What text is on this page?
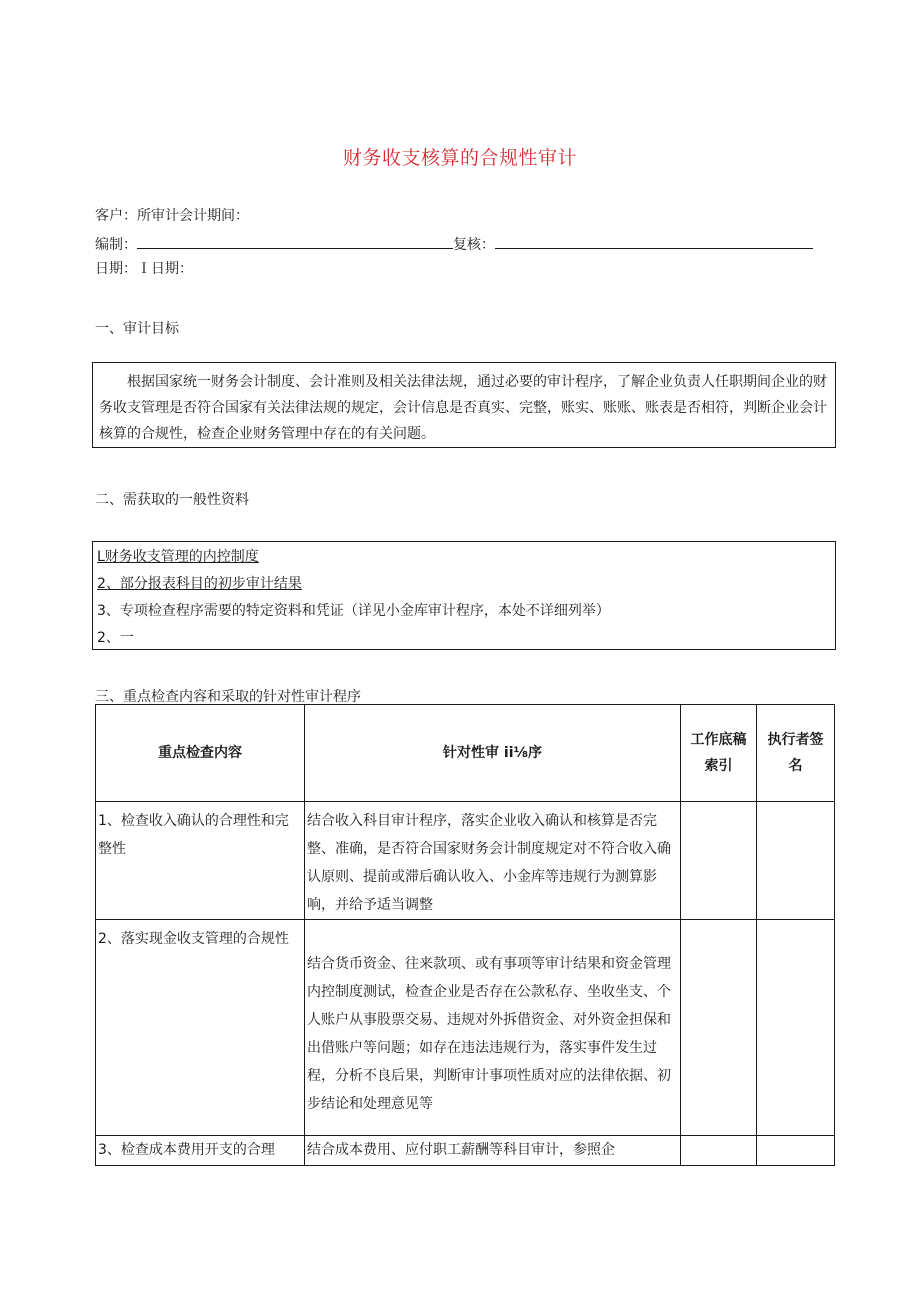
财务收支核算的合规性审计
客户：所审计会计期间：
编制：	复核：
日期：Ｉ日期：
一、审计目标
根据国家统一财务会计制度、会计准则及相关法律法规，通过必要的审计程序，了解企业负责人任职期间企业的财务收支管理是否符合国家有关法律法规的规定，会计信息是否真实、完整，账实、账账、账表是否相符，判断企业会计核算的合规性，检查企业财务管理中存在的有关问题。
二、需获取的一般性资料
L财务收支管理的内控制度
2、部分报表科目的初步审计结果
3、专项检查程序需要的特定资料和凭证（详见小金库审计程序，本处不详细列举）
2、一
三、重点检查内容和采取的针对性审计程序
重点检查内容	针对性审 ii⅛序	工作底稿索引	执行者签名
1、检查收入确认的合理性和完整性	结合收入科目审计程序，落实企业收入确认和核算是否完整、准确，是否符合国家财务会计制度规定对不符合收入确认原则、提前或滞后确认收入、小金库等违规行为测算影响，并给予适当调整		
2、落实现金收支管理的合规性	结合货币资金、往来款项、或有事项等审计结果和资金管理内控制度测试，检查企业是否存在公款私存、坐收坐支、个人账户从事股票交易、违规对外拆借资金、对外资金担保和出借账户等问题；如存在违法违规行为，落实事件发生过程，分析不良后果，判断审计事项性质对应的法律依据、初步结论和处理意见等		
3、检查成本费用开支的合理	结合成本费用、应付职工薪酬等科目审计，参照企		
